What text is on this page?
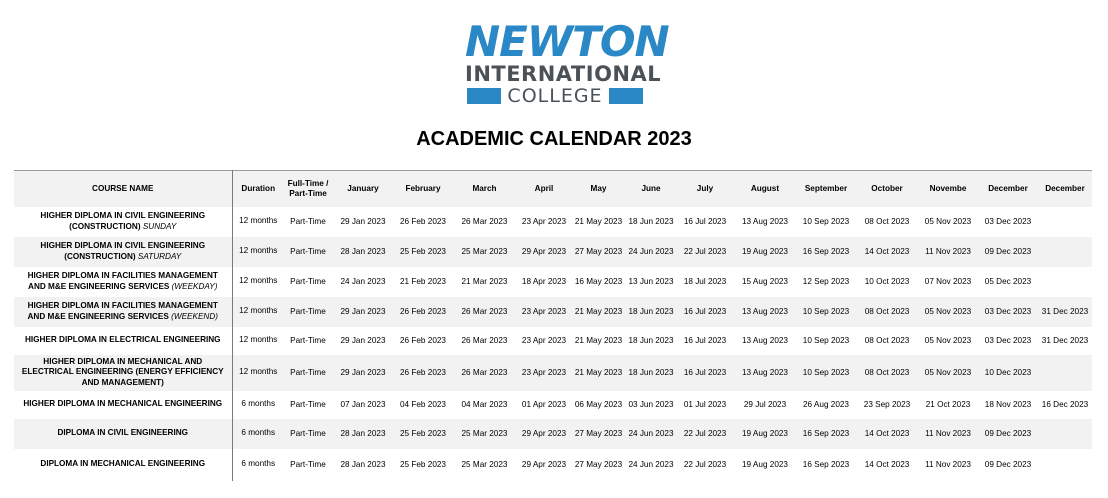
NEWTON
INTERNATIONAL
COLLEGE
ACADEMIC CALENDAR 2023
COURSE NAME	Duration	Full-Time / Part-Time	January	February	March	April	May	June	July	August	September	October	Novembe	December	December
HIGHER DIPLOMA IN CIVIL ENGINEERING (CONSTRUCTION) SUNDAY	12 months	Part-Time	29 Jan 2023	26 Feb 2023	26 Mar 2023	23 Apr 2023	21 May 2023	18 Jun 2023	16 Jul 2023	13 Aug 2023	10 Sep 2023	08 Oct 2023	05 Nov 2023	03 Dec 2023	
HIGHER DIPLOMA IN CIVIL ENGINEERING (CONSTRUCTION) SATURDAY	12 months	Part-Time	28 Jan 2023	25 Feb 2023	25 Mar 2023	29 Apr 2023	27 May 2023	24 Jun 2023	22 Jul 2023	19 Aug 2023	16 Sep 2023	14 Oct 2023	11 Nov 2023	09 Dec 2023	
HIGHER DIPLOMA IN FACILITIES MANAGEMENT AND M&E ENGINEERING SERVICES (WEEKDAY)	12 months	Part-Time	24 Jan 2023	21 Feb 2023	21 Mar 2023	18 Apr 2023	16 May 2023	13 Jun 2023	18 Jul 2023	15 Aug 2023	12 Sep 2023	10 Oct 2023	07 Nov 2023	05 Dec 2023	
HIGHER DIPLOMA IN FACILITIES MANAGEMENT AND M&E ENGINEERING SERVICES (WEEKEND)	12 months	Part-Time	29 Jan 2023	26 Feb 2023	26 Mar 2023	23 Apr 2023	21 May 2023	18 Jun 2023	16 Jul 2023	13 Aug 2023	10 Sep 2023	08 Oct 2023	05 Nov 2023	03 Dec 2023	31 Dec 2023
HIGHER DIPLOMA IN ELECTRICAL ENGINEERING	12 months	Part-Time	29 Jan 2023	26 Feb 2023	26 Mar 2023	23 Apr 2023	21 May 2023	18 Jun 2023	16 Jul 2023	13 Aug 2023	10 Sep 2023	08 Oct 2023	05 Nov 2023	03 Dec 2023	31 Dec 2023
HIGHER DIPLOMA IN MECHANICAL AND ELECTRICAL ENGINEERING (ENERGY EFFICIENCY AND MANAGEMENT)	12 months	Part-Time	29 Jan 2023	26 Feb 2023	26 Mar 2023	23 Apr 2023	21 May 2023	18 Jun 2023	16 Jul 2023	13 Aug 2023	10 Sep 2023	08 Oct 2023	05 Nov 2023	10 Dec 2023	
HIGHER DIPLOMA IN MECHANICAL ENGINEERING	6 months	Part-Time	07 Jan 2023	04 Feb 2023	04 Mar 2023	01 Apr 2023	06 May 2023	03 Jun 2023	01 Jul 2023	29 Jul 2023	26 Aug 2023	23 Sep 2023	21 Oct 2023	18 Nov 2023	16 Dec 2023
DIPLOMA IN CIVIL ENGINEERING	6 months	Part-Time	28 Jan 2023	25 Feb 2023	25 Mar 2023	29 Apr 2023	27 May 2023	24 Jun 2023	22 Jul 2023	19 Aug 2023	16 Sep 2023	14 Oct 2023	11 Nov 2023	09 Dec 2023	
DIPLOMA IN MECHANICAL ENGINEERING	6 months	Part-Time	28 Jan 2023	25 Feb 2023	25 Mar 2023	29 Apr 2023	27 May 2023	24 Jun 2023	22 Jul 2023	19 Aug 2023	16 Sep 2023	14 Oct 2023	11 Nov 2023	09 Dec 2023	
